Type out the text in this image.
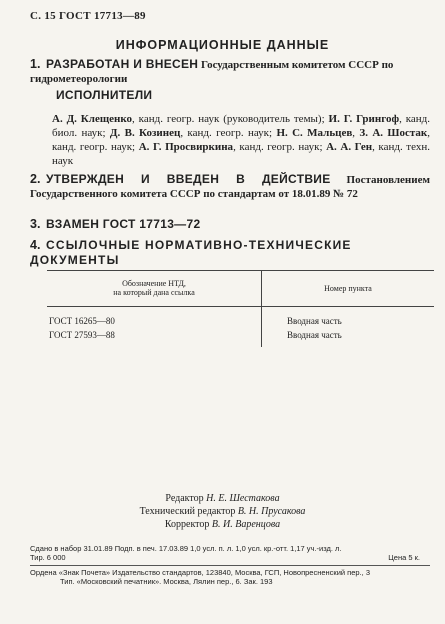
С. 15 ГОСТ 17713—89
ИНФОРМАЦИОННЫЕ ДАННЫЕ
1. РАЗРАБОТАН И ВНЕСЕН Государственным комитетом СССР по гидрометеорологии
ИСПОЛНИТЕЛИ
А. Д. Клещенко, канд. геогр. наук (руководитель темы); И. Г. Грингоф, канд. биол. наук; Д. В. Козинец, канд. геогр. наук; Н. С. Мальцев, З. А. Шостак, канд. геогр. наук; А. Г. Просвиркина, канд. геогр. наук; А. А. Ген, канд. техн. наук
2. УТВЕРЖДЕН И ВВЕДЕН В ДЕЙСТВИЕ Постановлением Государственного комитета СССР по стандартам от 18.01.89 № 72
3. ВЗАМЕН ГОСТ 17713—72
4. ССЫЛОЧНЫЕ НОРМАТИВНО-ТЕХНИЧЕСКИЕ ДОКУМЕНТЫ
Обозначение НТД,
на который дана ссылка	Номер пункта
ГОСТ 16265—80	Вводная часть
ГОСТ 27593—88	Вводная часть
Редактор Н. Е. Шестакова
Технический редактор В. Н. Прусакова
Корректор В. И. Варенцова
Сдано в набор 31.01.89 Подп. в печ. 17.03.89 1,0 усл. п. л. 1,0 усл. кр.-отт. 1,17 уч.-изд. л.
Тир. 6 000	Цена 5 к.
Ордена «Знак Почета» Издательство стандартов, 123840, Москва, ГСП, Новопресненский пер., 3
Тип. «Московский печатник». Москва, Лялин пер., 6. Зак. 193
